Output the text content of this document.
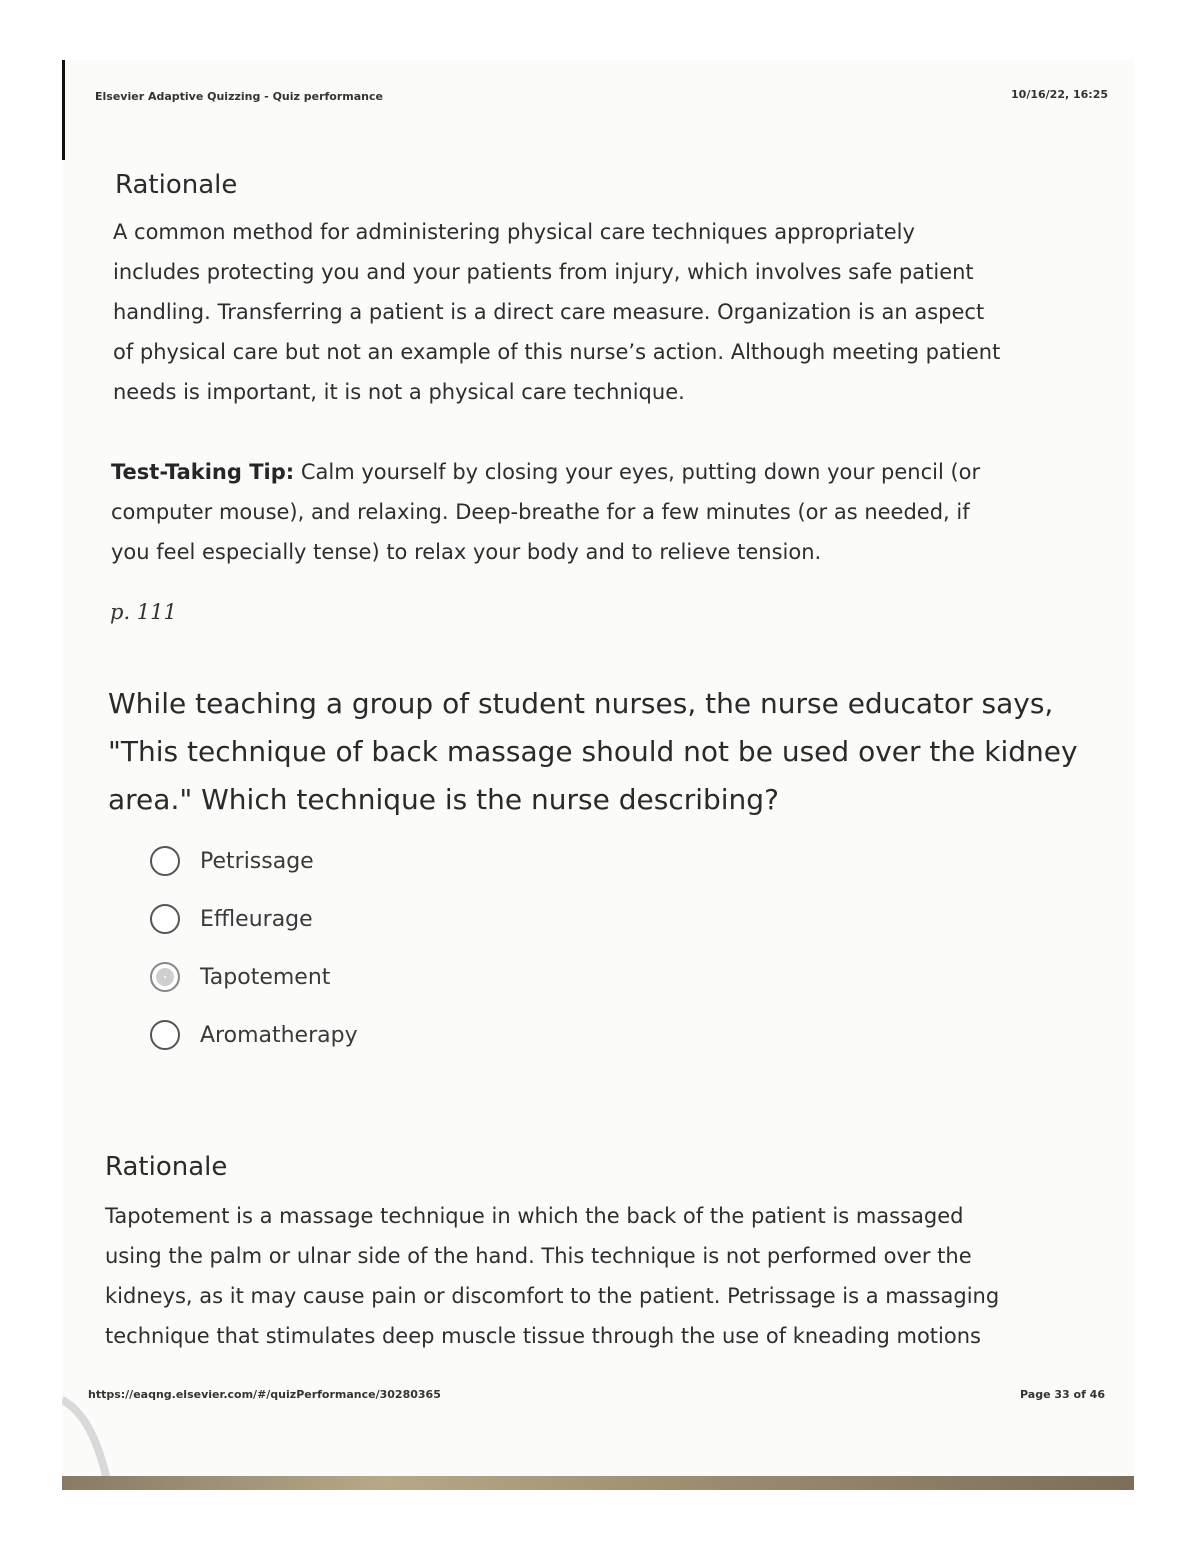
Elsevier Adaptive Quizzing - Quiz performance	10/16/22, 16:25
Rationale
A common method for administering physical care techniques appropriately
includes protecting you and your patients from injury, which involves safe patient
handling. Transferring a patient is a direct care measure. Organization is an aspect
of physical care but not an example of this nurse’s action. Although meeting patient
needs is important, it is not a physical care technique.
Test-Taking Tip: Calm yourself by closing your eyes, putting down your pencil (or
computer mouse), and relaxing. Deep-breathe for a few minutes (or as needed, if
you feel especially tense) to relax your body and to relieve tension.
p. 111
While teaching a group of student nurses, the nurse educator says,
"This technique of back massage should not be used over the kidney
area." Which technique is the nurse describing?
Petrissage
Effleurage
Tapotement
Aromatherapy
Rationale
Tapotement is a massage technique in which the back of the patient is massaged
using the palm or ulnar side of the hand. This technique is not performed over the
kidneys, as it may cause pain or discomfort to the patient. Petrissage is a massaging
technique that stimulates deep muscle tissue through the use of kneading motions
https://eaqng.elsevier.com/#/quizPerformance/30280365	Page 33 of 46
